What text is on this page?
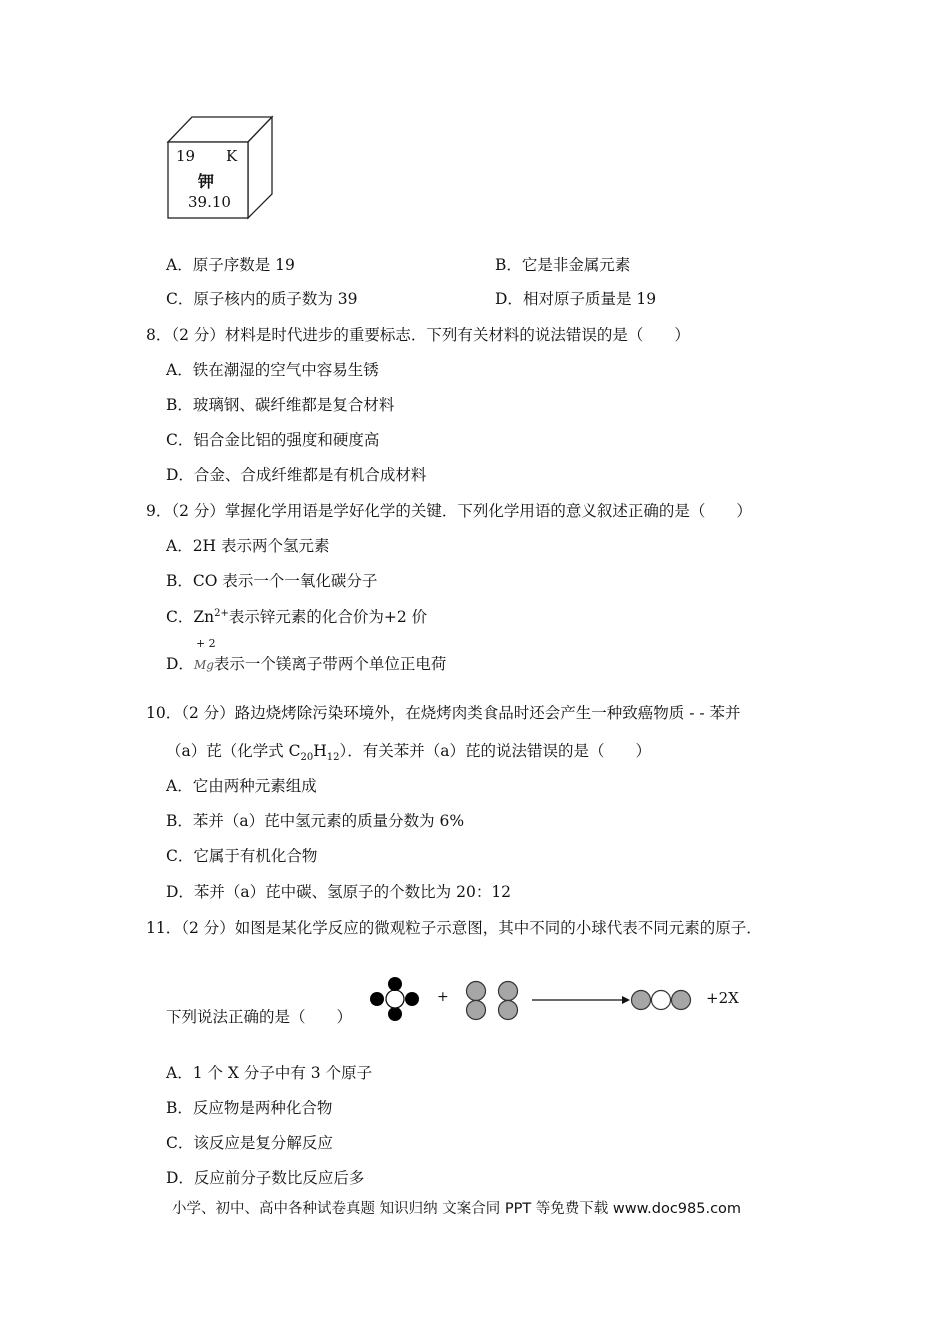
19 K
钾
39.10
A．原子序数是 19	B．它是非金属元素
C．原子核内的质子数为 39	D．相对原子质量是 19
8．（2 分）材料是时代进步的重要标志．下列有关材料的说法错误的是（　　）
A．铁在潮湿的空气中容易生锈
B．玻璃钢、碳纤维都是复合材料
C．铝合金比铝的强度和硬度高
D．合金、合成纤维都是有机合成材料
9．（2 分）掌握化学用语是学好化学的关键．下列化学用语的意义叙述正确的是（　　）
A．2H 表示两个氢元素
B．CO 表示一个一氧化碳分子
C．$Zn^{2+}$表示锌元素的化合价为+2 价
D．
+ 2
Mg表示一个镁离子带两个单位正电荷
10．（2 分）路边烧烤除污染环境外，在烧烤肉类食品时还会产生一种致癌物质 - - 苯并
（a）芘（化学式 $C_{20}H_{12}$）．有关苯并（a）芘的说法错误的是（　　）
A．它由两种元素组成
B．苯并（a）芘中氢元素的质量分数为 6%
C．它属于有机化合物
D．苯并（a）芘中碳、氢原子的个数比为 20：12
11．（2 分）如图是某化学反应的微观粒子示意图，其中不同的小球代表不同元素的原子．
下列说法正确的是（　　）
+	+2X
A．1 个 X 分子中有 3 个原子
B．反应物是两种化合物
C．该反应是复分解反应
D．反应前分子数比反应后多
小学、初中、高中各种试卷真题 知识归纳 文案合同 PPT 等免费下载 www.doc985.com
